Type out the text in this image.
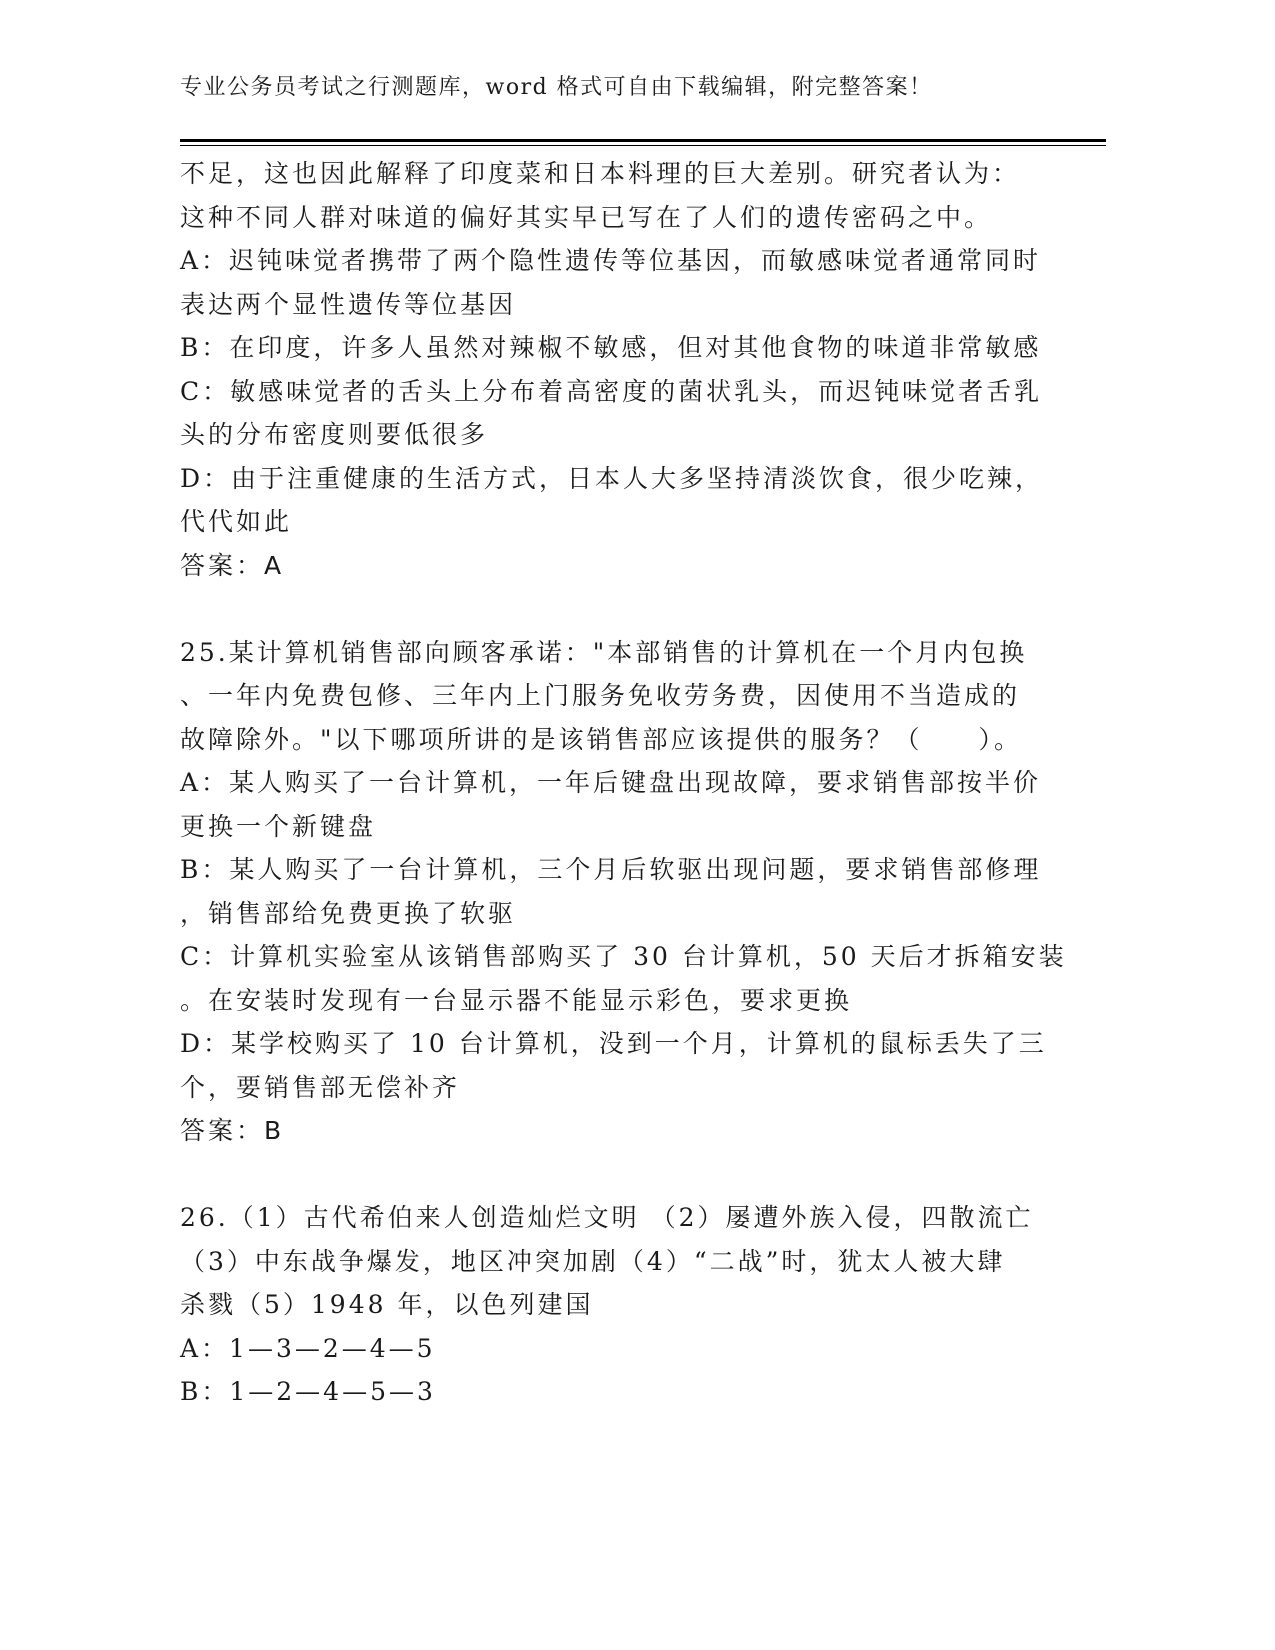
专业公务员考试之行测题库，word 格式可自由下载编辑，附完整答案！
不足，这也因此解释了印度菜和日本料理的巨大差别。研究者认为：
这种不同人群对味道的偏好其实早已写在了人们的遗传密码之中。
A：迟钝味觉者携带了两个隐性遗传等位基因，而敏感味觉者通常同时
表达两个显性遗传等位基因
B：在印度，许多人虽然对辣椒不敏感，但对其他食物的味道非常敏感
C：敏感味觉者的舌头上分布着高密度的菌状乳头，而迟钝味觉者舌乳
头的分布密度则要低很多
D：由于注重健康的生活方式，日本人大多坚持清淡饮食，很少吃辣，
代代如此
答案：A
25.某计算机销售部向顾客承诺："本部销售的计算机在一个月内包换
、一年内免费包修、三年内上门服务免收劳务费，因使用不当造成的
故障除外。"以下哪项所讲的是该销售部应该提供的服务？（　　）。
A：某人购买了一台计算机，一年后键盘出现故障，要求销售部按半价
更换一个新键盘
B：某人购买了一台计算机，三个月后软驱出现问题，要求销售部修理
，销售部给免费更换了软驱
C：计算机实验室从该销售部购买了 30 台计算机，50 天后才拆箱安装
。在安装时发现有一台显示器不能显示彩色，要求更换
D：某学校购买了 10 台计算机，没到一个月，计算机的鼠标丢失了三
个，要销售部无偿补齐
答案：B
26.（1）古代希伯来人创造灿烂文明 （2）屡遭外族入侵，四散流亡
（3）中东战争爆发，地区冲突加剧（4）“二战”时，犹太人被大肆
杀戮（5）1948 年，以色列建国
A：1—3—2—4—5
B：1—2—4—5—3
